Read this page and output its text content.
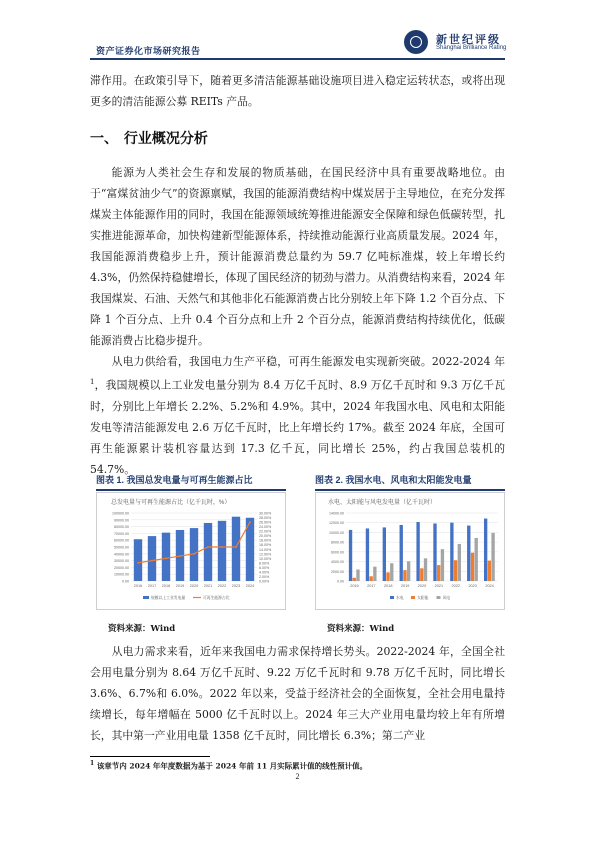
资产证券化市场研究报告
新世纪评级
Shanghai Brilliance Rating

滞作用。在政策引导下，随着更多清洁能源基础设施项目进入稳定运转状态，或将出现更多的清洁能源公募 REITs 产品。

一、 行业概况分析

能源为人类社会生存和发展的物质基础，在国民经济中具有重要战略地位。由于“富煤贫油少气”的资源禀赋，我国的能源消费结构中煤炭居于主导地位，在充分发挥煤炭主体能源作用的同时，我国在能源领域统筹推进能源安全保障和绿色低碳转型，扎实推进能源革命，加快构建新型能源体系，持续推动能源行业高质量发展。2024 年，我国能源消费稳步上升，预计能源消费总量约为 59.7 亿吨标准煤，较上年增长约 4.3%，仍然保持稳健增长，体现了国民经济的韧劲与潜力。从消费结构来看，2024 年我国煤炭、石油、天然气和其他非化石能源消费占比分别较上年下降 1.2 个百分点、下降 1 个百分点、上升 0.4 个百分点和上升 2 个百分点，能源消费结构持续优化，低碳能源消费占比稳步提升。

从电力供给看，我国电力生产平稳，可再生能源发电实现新突破。2022-2024 年$^1$，我国规模以上工业发电量分别为 8.4 万亿千瓦时、8.9 万亿千瓦时和 9.3 万亿千瓦时，分别比上年增长 2.2%、5.2%和 4.9%。其中，2024 年我国水电、风电和太阳能发电等清洁能源发电 2.6 万亿千瓦时，比上年增长约 17%。截至 2024 年底，全国可再生能源累计装机容量达到 17.3 亿千瓦，同比增长 25%，约占我国总装机的 54.7%。

图表 1. 我国总发电量与可再生能源占比	图表 2. 我国水电、风电和太阳能发电量
总发电量与可再生能源占比（亿千瓦时，%）
0.00
10000.00
20000.00
30000.00
40000.00
50000.00
60000.00
70000.00
80000.00
90000.00
100000.00
0.00%
2.00%
4.00%
6.00%
8.00%
10.00%
12.00%
14.00%
16.00%
18.00%
20.00%
22.00%
24.00%
26.00%
28.00%
30.00%
2016 2017 2018 2019 2020 2021 2022 2023 2024
规模以上工业发电量	可再生能源占比
水电、太阳能与风电发电量（亿千瓦时）
0.00
2000.00
4000.00
6000.00
8000.00
10000.00
12000.00
14000.00
2016 2017 2018 2019 2020 2021 2022 2023 2024
水电	太阳能	风电
资料来源：Wind	资料来源：Wind

从电力需求来看，近年来我国电力需求保持增长势头。2022-2024 年，全国全社会用电量分别为 8.64 万亿千瓦时、9.22 万亿千瓦时和 9.78 万亿千瓦时，同比增长 3.6%、6.7%和 6.0%。2022 年以来，受益于经济社会的全面恢复，全社会用电量持续增长，每年增幅在 5000 亿千瓦时以上。2024 年三大产业用电量均较上年有所增长，其中第一产业用电量 1358 亿千瓦时，同比增长 6.3%；第二产业

$^1$ 该章节内 2024 年年度数据为基于 2024 年前 11 月实际累计值的线性预计值。
2
